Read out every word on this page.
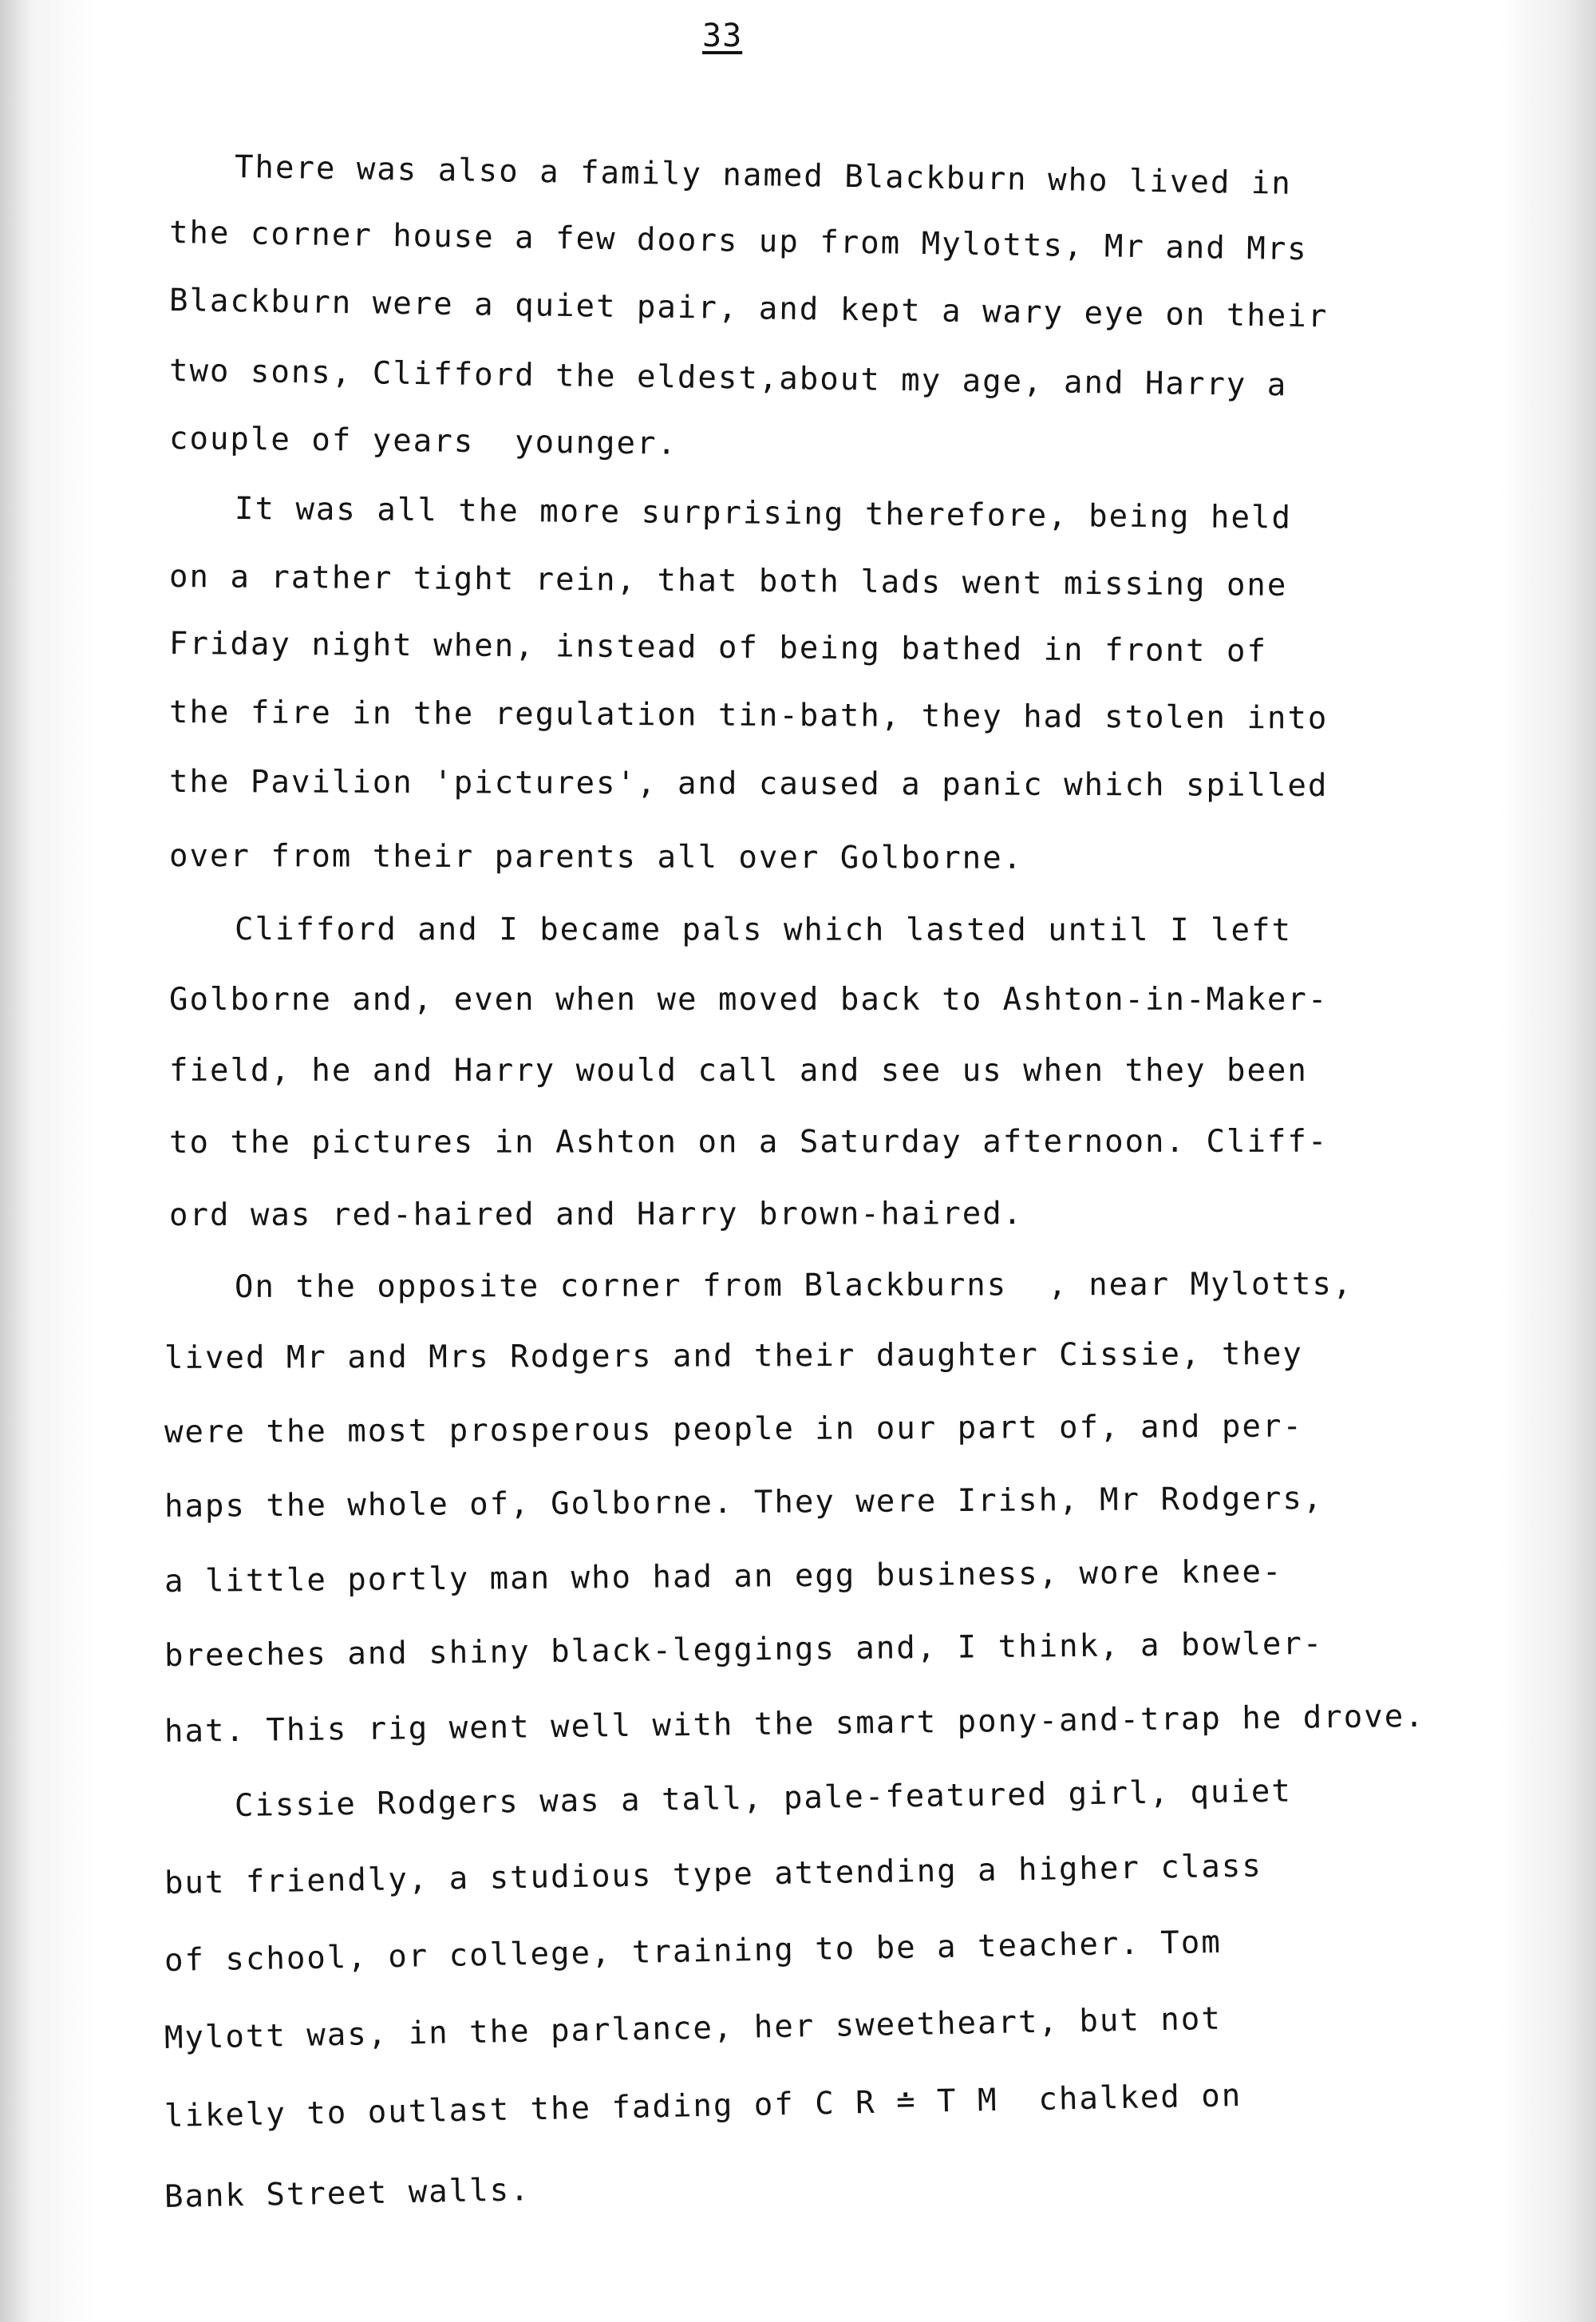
33
There was also a family named Blackburn who lived in
the corner house a few doors up from Mylotts, Mr and Mrs
Blackburn were a quiet pair, and kept a wary eye on their
two sons, Clifford the eldest,about my age, and Harry a
couple of years  younger.
It was all the more surprising therefore, being held
on a rather tight rein, that both lads went missing one
Friday night when, instead of being bathed in front of
the fire in the regulation tin-bath, they had stolen into
the Pavilion 'pictures', and caused a panic which spilled
over from their parents all over Golborne.
Clifford and I became pals which lasted until I left
Golborne and, even when we moved back to Ashton-in-Maker-
field, he and Harry would call and see us when they been
to the pictures in Ashton on a Saturday afternoon. Cliff-
ord was red-haired and Harry brown-haired.
On the opposite corner from Blackburns  , near Mylotts,
lived Mr and Mrs Rodgers and their daughter Cissie, they
were the most prosperous people in our part of, and per-
haps the whole of, Golborne. They were Irish, Mr Rodgers,
a little portly man who had an egg business, wore knee-
breeches and shiny black-leggings and, I think, a bowler-
hat. This rig went well with the smart pony-and-trap he drove.
Cissie Rodgers was a tall, pale-featured girl, quiet
but friendly, a studious type attending a higher class
of school, or college, training to be a teacher. Tom
Mylott was, in the parlance, her sweetheart, but not
likely to outlast the fading of C R ≐ T M  chalked on
Bank Street walls.
